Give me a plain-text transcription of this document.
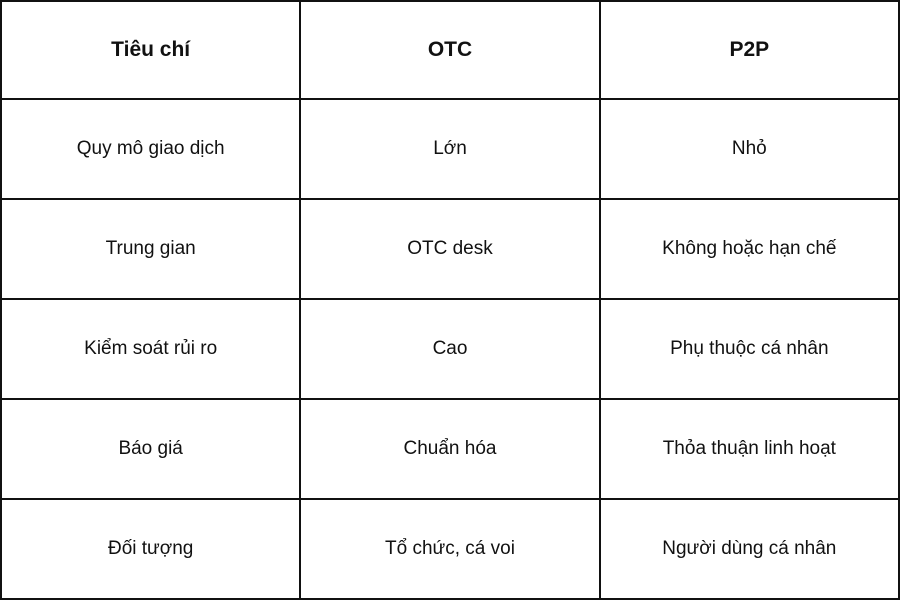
Tiêu chí	OTC	P2P
Quy mô giao dịch	Lớn	Nhỏ
Trung gian	OTC desk	Không hoặc hạn chế
Kiểm soát rủi ro	Cao	Phụ thuộc cá nhân
Báo giá	Chuẩn hóa	Thỏa thuận linh hoạt
Đối tượng	Tổ chức, cá voi	Người dùng cá nhân
